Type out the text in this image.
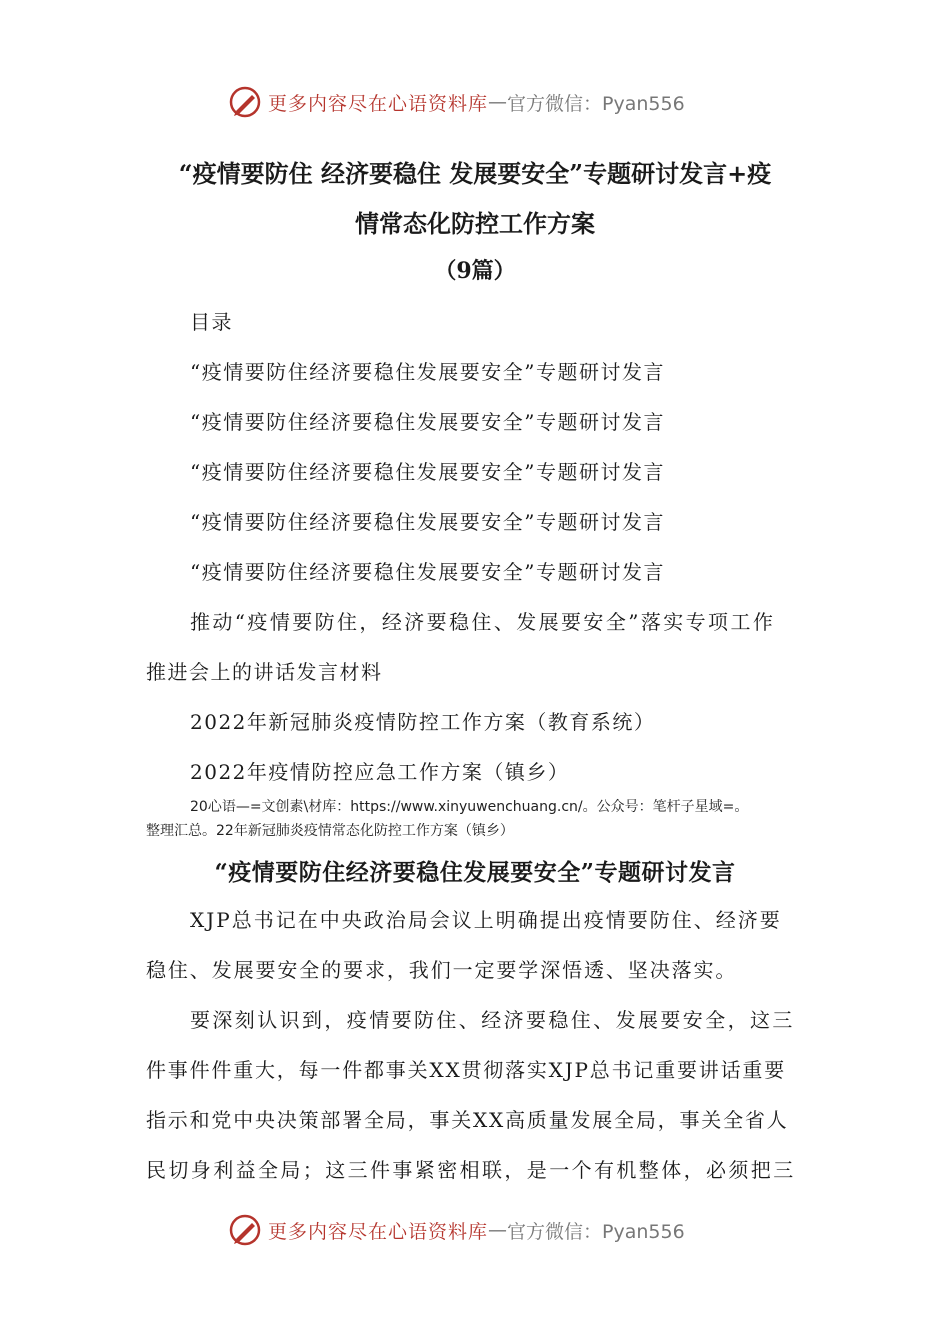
更多内容尽在心语资料库 — 官方微信：Pyan556
“疫情要防住 经济要稳住 发展要安全”专题研讨发言+疫
情常态化防控工作方案
（9篇）
目录
“疫情要防住经济要稳住发展要安全”专题研讨发言
“疫情要防住经济要稳住发展要安全”专题研讨发言
“疫情要防住经济要稳住发展要安全”专题研讨发言
“疫情要防住经济要稳住发展要安全”专题研讨发言
“疫情要防住经济要稳住发展要安全”专题研讨发言
推动“疫情要防住，经济要稳住、发展要安全”落实专项工作
推进会上的讲话发言材料
2022年新冠肺炎疫情防控工作方案（教育系统）
2022年疫情防控应急工作方案（镇乡）
20心语—=文创素\材库：https://www.xinyuwenchuang.cn/。公众号：笔杆子星域=。
整理汇总。22年新冠肺炎疫情常态化防控工作方案（镇乡）
“疫情要防住经济要稳住发展要安全”专题研讨发言
XJP总书记在中央政治局会议上明确提出疫情要防住、经济要
稳住、发展要安全的要求，我们一定要学深悟透、坚决落实。
要深刻认识到，疫情要防住、经济要稳住、发展要安全，这三
件事件件重大，每一件都事关XX贯彻落实XJP总书记重要讲话重要
指示和党中央决策部署全局，事关XX高质量发展全局，事关全省人
民切身利益全局；这三件事紧密相联，是一个有机整体，必须把三
更多内容尽在心语资料库 — 官方微信：Pyan556
